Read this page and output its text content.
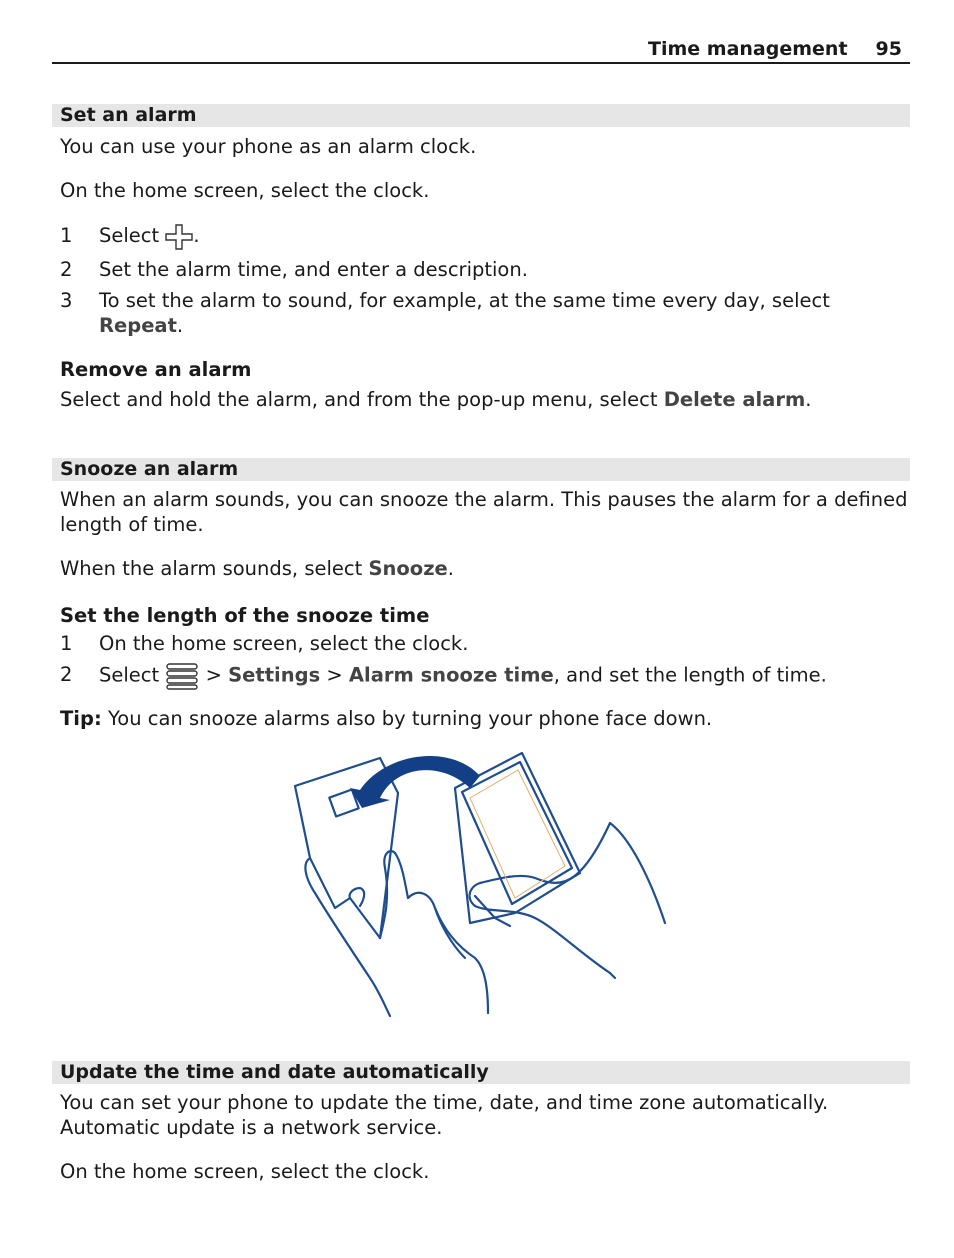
Time management 95
Set an alarm
You can use your phone as an alarm clock.
On the home screen, select the clock.
1 Select .
2 Set the alarm time, and enter a description.
3 To set the alarm to sound, for example, at the same time every day, select Repeat.
Remove an alarm
Select and hold the alarm, and from the pop-up menu, select Delete alarm.
Snooze an alarm
When an alarm sounds, you can snooze the alarm. This pauses the alarm for a defined length of time.
When the alarm sounds, select Snooze.
Set the length of the snooze time
1 On the home screen, select the clock.
2 Select > Settings > Alarm snooze time, and set the length of time.
Tip: You can snooze alarms also by turning your phone face down.
Update the time and date automatically
You can set your phone to update the time, date, and time zone automatically. Automatic update is a network service.
On the home screen, select the clock.
